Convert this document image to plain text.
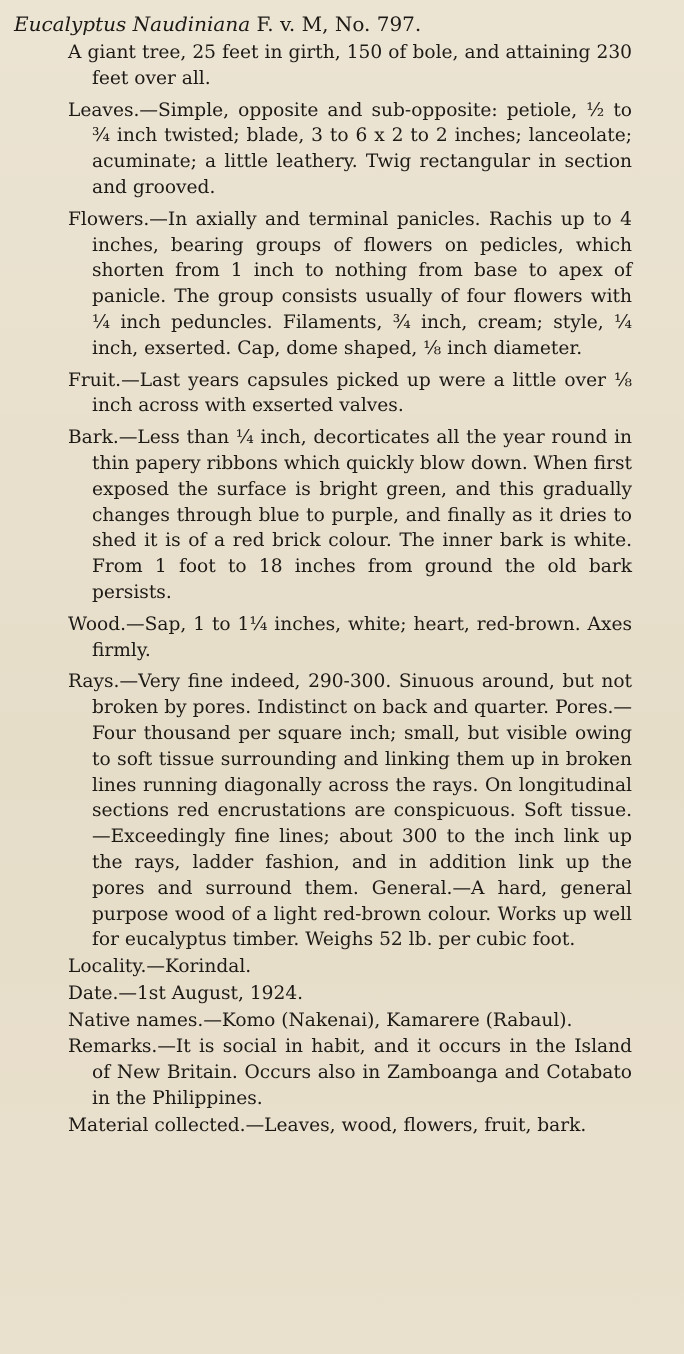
Eucalyptus Naudiniana F. v. M, No. 797.

A giant tree, 25 feet in girth, 150 of bole, and attaining 230 feet over all.

Leaves.—Simple, opposite and sub-opposite: petiole, ½ to ¾ inch twisted; blade, 3 to 6 x 2 to 2 inches; lanceolate; acuminate; a little leathery. Twig rectangular in section and grooved.

Flowers.—In axially and terminal panicles. Rachis up to 4 inches, bearing groups of flowers on pedicles, which shorten from 1 inch to nothing from base to apex of panicle. The group consists usually of four flowers with ¼ inch peduncles. Filaments, ¾ inch, cream; style, ¼ inch, exserted. Cap, dome shaped, ⅛ inch diameter.

Fruit.—Last years capsules picked up were a little over ⅛ inch across with exserted valves.

Bark.—Less than ¼ inch, decorticates all the year round in thin papery ribbons which quickly blow down. When first exposed the surface is bright green, and this gradually changes through blue to purple, and finally as it dries to shed it is of a red brick colour. The inner bark is white. From 1 foot to 18 inches from ground the old bark persists.

Wood.—Sap, 1 to 1¼ inches, white; heart, red-brown. Axes firmly.

Rays.—Very fine indeed, 290-300. Sinuous around, but not broken by pores. Indistinct on back and quarter. Pores.—Four thousand per square inch; small, but visible owing to soft tissue surrounding and linking them up in broken lines running diagonally across the rays. On longitudinal sections red encrustations are conspicuous. Soft tissue.—Exceedingly fine lines; about 300 to the inch link up the rays, ladder fashion, and in addition link up the pores and surround them. General.—A hard, general purpose wood of a light red-brown colour. Works up well for eucalyptus timber. Weighs 52 lb. per cubic foot.

Locality.—Korindal.

Date.—1st August, 1924.

Native names.—Komo (Nakenai), Kamarere (Rabaul).

Remarks.—It is social in habit, and it occurs in the Island of New Britain. Occurs also in Zamboanga and Cotabato in the Philippines.

Material collected.—Leaves, wood, flowers, fruit, bark.
